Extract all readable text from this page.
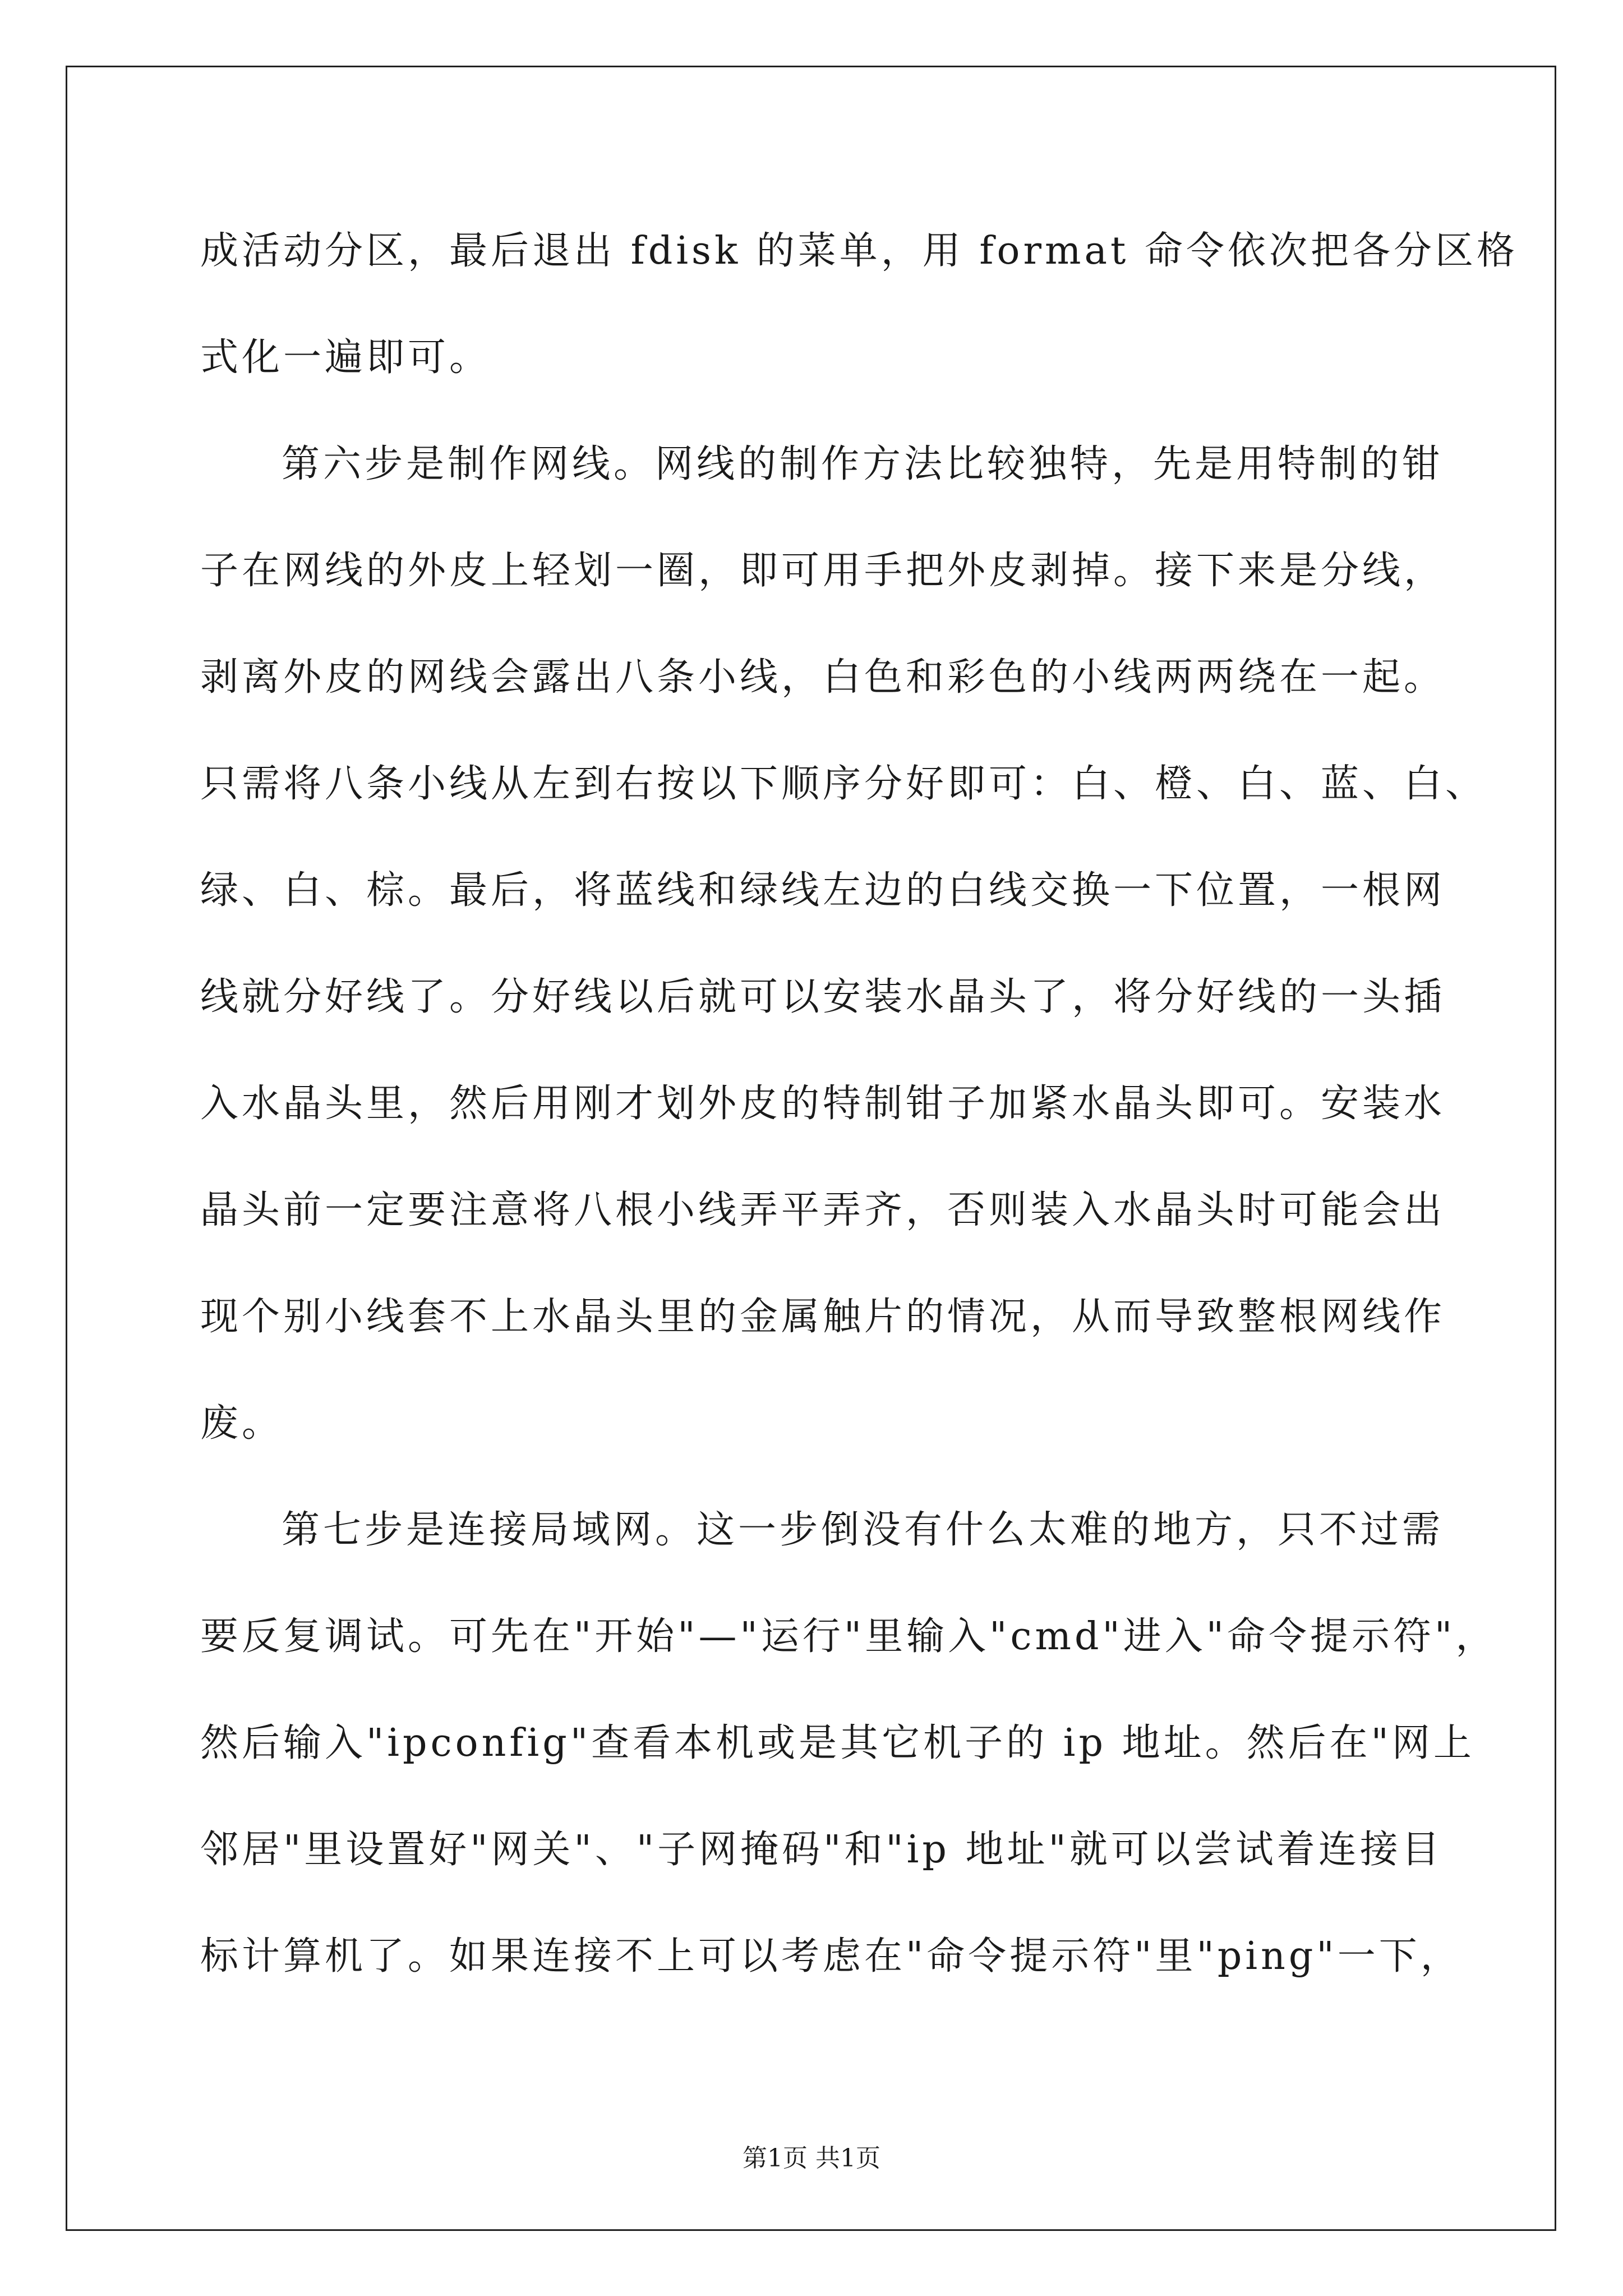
成活动分区，最后退出 fdisk 的菜单，用 format 命令依次把各分区格
式化一遍即可。
第六步是制作网线。网线的制作方法比较独特，先是用特制的钳
子在网线的外皮上轻划一圈，即可用手把外皮剥掉。接下来是分线，
剥离外皮的网线会露出八条小线，白色和彩色的小线两两绕在一起。
只需将八条小线从左到右按以下顺序分好即可：白、橙、白、蓝、白、
绿、白、棕。最后，将蓝线和绿线左边的白线交换一下位置，一根网
线就分好线了。分好线以后就可以安装水晶头了，将分好线的一头插
入水晶头里，然后用刚才划外皮的特制钳子加紧水晶头即可。安装水
晶头前一定要注意将八根小线弄平弄齐，否则装入水晶头时可能会出
现个别小线套不上水晶头里的金属触片的情况，从而导致整根网线作
废。
第七步是连接局域网。这一步倒没有什么太难的地方，只不过需
要反复调试。可先在"开始"—"运行"里输入"cmd"进入"命令提示符"，
然后输入"ipconfig"查看本机或是其它机子的 ip 地址。然后在"网上
邻居"里设置好"网关"、"子网掩码"和"ip 地址"就可以尝试着连接目
标计算机了。如果连接不上可以考虑在"命令提示符"里"ping"一下，
第1页 共1页
